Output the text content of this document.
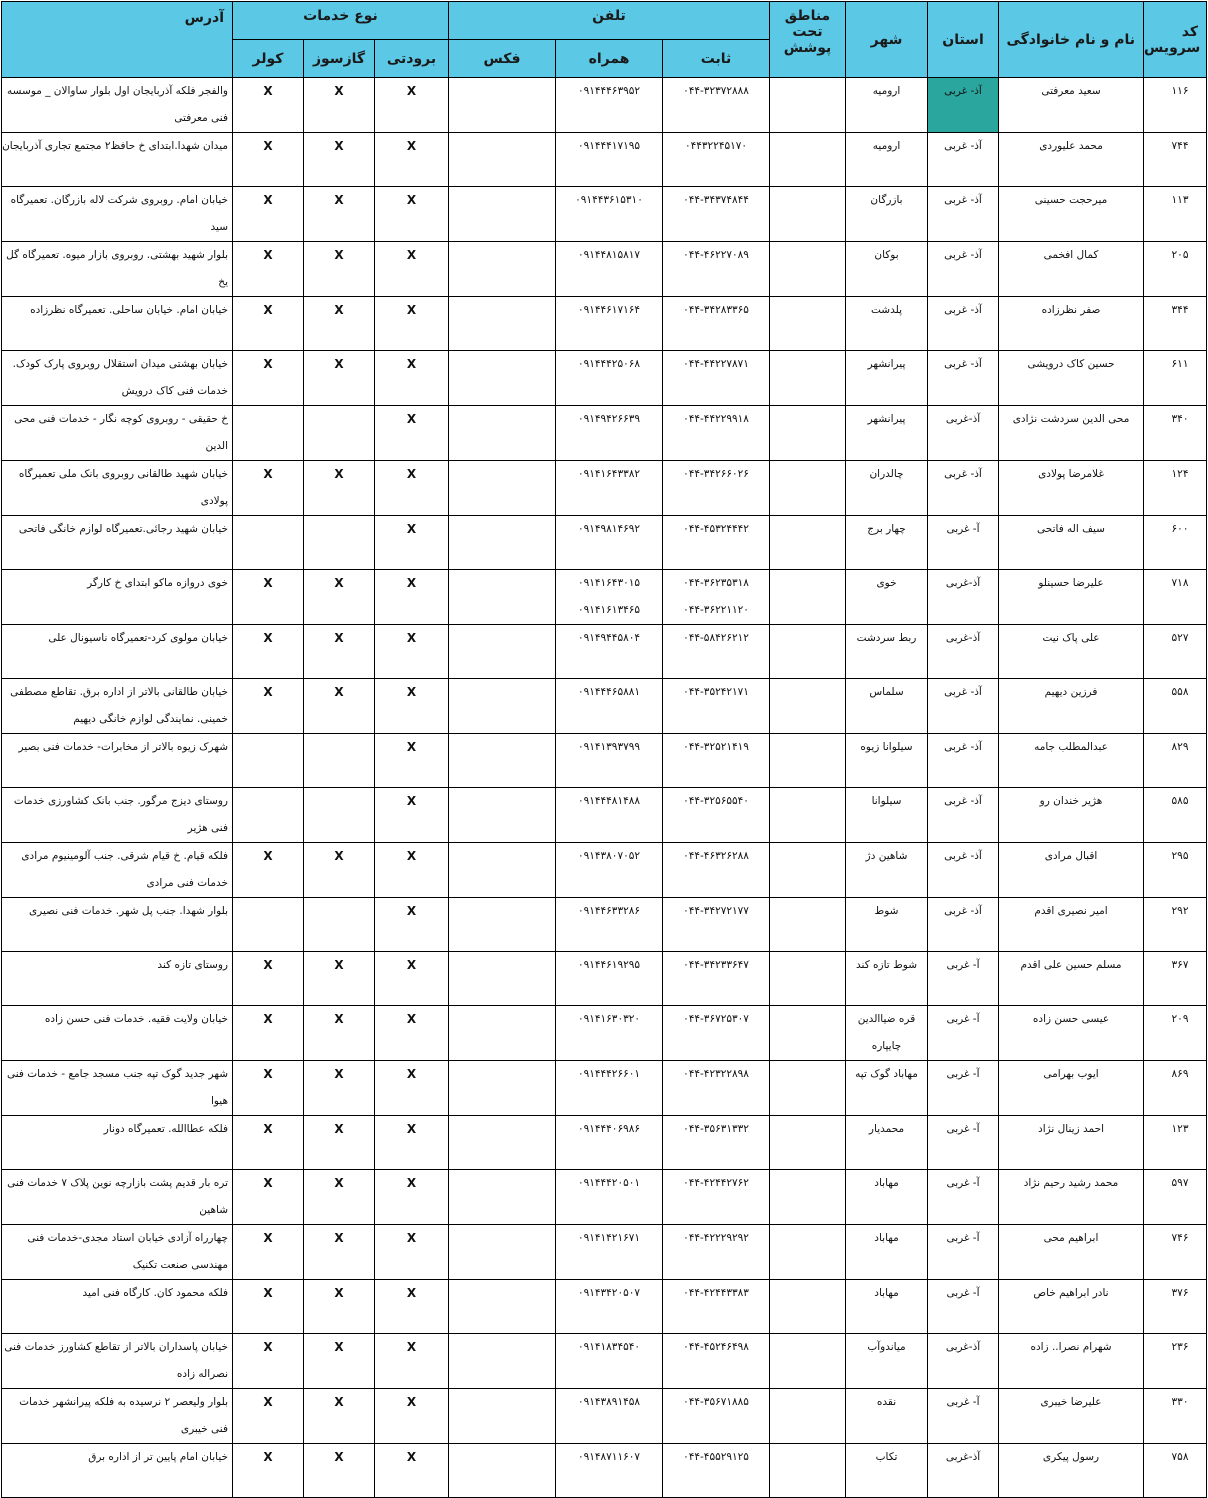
آدرس	نوع خدمات			تلفن			مناطق تحت پوشش	شهر	استان	نام و نام خانوادگی	کد سرویس
	کولر	گازسوز	برودتی	فکس	همراه	ثابت					
والفجر فلکه آذربایجان اول بلوار ساوالان _ موسسه فنی معرفتی	X	X	X		۰۹۱۴۴۴۶۳۹۵۲	۰۴۴-۳۲۳۷۲۸۸۸		ارومیه	آذ- غربی	سعید معرفتی	۱۱۶
میدان شهدا.ابتدای خ حافظ۲ مجتمع تجاری آذربایجان	X	X	X		۰۹۱۴۴۴۱۷۱۹۵	۰۴۴۳۲۲۴۵۱۷۰		ارومیه	آذ- غربی	محمد علیوردی	۷۴۴
خیابان امام. روبروی شرکت لاله بازرگان. تعمیرگاه سید	X	X	X		۰۹۱۴۴۳۶۱۵۳۱۰	۰۴۴-۳۴۳۷۴۸۴۴		بازرگان	آذ- غربی	میرحجت حسینی	۱۱۳
بلوار شهید بهشتی. روبروی بازار میوه. تعمیرگاه گل یخ	X	X	X		۰۹۱۴۴۸۱۵۸۱۷	۰۴۴-۴۶۲۲۷۰۸۹		بوکان	آذ- غربی	کمال افخمی	۲۰۵
خیابان امام. خیابان ساحلی. تعمیرگاه نظرزاده	X	X	X		۰۹۱۴۴۶۱۷۱۶۴	۰۴۴-۳۴۲۸۳۳۶۵		پلدشت	آذ- غربی	صفر نظرزاده	۳۴۴
خیابان بهشتی میدان استقلال روبروی پارک کودک. خدمات فنی کاک درویش	X	X	X		۰۹۱۴۴۴۲۵۰۶۸	۰۴۴-۴۴۲۲۷۸۷۱		پیرانشهر	آذ- غربی	حسین کاک درویشی	۶۱۱
خ حقیقی - روبروی کوچه نگار - خدمات فنی محی الدین			X		۰۹۱۴۹۴۲۶۶۳۹	۰۴۴-۴۴۲۲۹۹۱۸		پیرانشهر	آذ-غربی	محی الدین سردشت نژادی	۳۴۰
خیابان شهید طالقانی روبروی بانک ملی تعمیرگاه پولادی	X	X	X		۰۹۱۴۱۶۴۳۳۸۲	۰۴۴-۳۴۲۶۶۰۲۶		چالدران	آذ- غربی	غلامرضا پولادی	۱۲۴
خیابان شهید رجائی.تعمیرگاه لوازم خانگی فاتحی			X		۰۹۱۴۹۸۱۴۶۹۲	۰۴۴-۴۵۳۲۴۴۴۲		چهار برج	آ- غربی	سیف اله فاتحی	۶۰۰
خوی دروازه ماکو ابتدای خ کارگر	X	X	X		۰۹۱۴۱۶۴۳۰۱۵
۰۹۱۴۱۶۱۳۴۶۵	۰۴۴-۳۶۲۳۵۳۱۸
۰۴۴-۳۶۲۲۱۱۲۰		خوی	آذ-غربی	علیرضا حسینلو	۷۱۸
خیابان مولوی کرد-تعمیرگاه ناسیونال علی	X	X	X		۰۹۱۴۹۴۴۵۸۰۴	۰۴۴-۵۸۴۲۶۲۱۲		ربط سردشت	آذ-غربی	علی پاک نیت	۵۲۷
خیابان طالقانی بالاتر از اداره برق. تقاطع مصطفی خمینی. نمایندگی لوازم خانگی دیهیم	X	X	X		۰۹۱۴۴۴۶۵۸۸۱	۰۴۴-۳۵۲۴۲۱۷۱		سلماس	آذ- غربی	فرزین دیهیم	۵۵۸
شهرک زیوه بالاتر از مخابرات- خدمات فنی بصیر			X		۰۹۱۴۱۳۹۳۷۹۹	۰۴۴-۳۲۵۲۱۴۱۹		سیلوانا زیوه	آذ- غربی	عبدالمطلب جامه	۸۲۹
روستای دیزج مرگور. جنب بانک کشاورزی خدمات فنی هژیر			X		۰۹۱۴۴۴۸۱۴۸۸	۰۴۴-۳۲۵۶۵۵۴۰		سیلوانا	آذ- غربی	هژیر خندان رو	۵۸۵
فلکه قیام. خ قیام شرقی. جنب آلومینیوم مرادی خدمات فنی مرادی	X	X	X		۰۹۱۴۳۸۰۷۰۵۲	۰۴۴-۴۶۳۲۶۲۸۸		شاهین دژ	آذ- غربی	اقبال مرادی	۲۹۵
بلوار شهدا. جنب پل شهر. خدمات فنی نصیری			X		۰۹۱۴۴۶۳۳۲۸۶	۰۴۴-۳۴۲۷۲۱۷۷		شوط	آذ- غربی	امیر نصیری اقدم	۲۹۲
روستای تازه کند	X	X	X		۰۹۱۴۴۶۱۹۲۹۵	۰۴۴-۳۴۲۳۳۶۴۷		شوط تازه کند	آ- غربی	مسلم حسین علی اقدم	۳۶۷
خیابان ولایت فقیه. خدمات فنی حسن زاده	X	X	X		۰۹۱۴۱۶۳۰۳۲۰	۰۴۴-۳۶۷۲۵۳۰۷		قره ضیاالدین چایپاره	آ- غربی	عیسی حسن زاده	۲۰۹
شهر جدید گوک تپه جنب مسجد جامع - خدمات فنی هیوا	X	X	X		۰۹۱۴۴۴۲۶۶۰۱	۰۴۴-۴۲۳۲۲۸۹۸		مهاباد گوک تپه	آ- غربی	ایوب بهرامی	۸۶۹
فلکه عطاالله. تعمیرگاه دونار	X	X	X		۰۹۱۴۴۴۰۶۹۸۶	۰۴۴-۳۵۶۳۱۳۳۲		محمدیار	آ- غربی	احمد زینال نژاد	۱۲۳
تره بار قدیم پشت بازارچه نوین پلاک ۷ خدمات فنی شاهین	X	X	X		۰۹۱۴۴۴۲۰۵۰۱	۰۴۴-۴۲۴۴۲۷۶۲		مهاباد	آ- غربی	محمد رشید رحیم نژاد	۵۹۷
چهارراه آزادی خیابان استاد مجدی-خدمات فنی مهندسی صنعت تکنیک	X	X	X		۰۹۱۴۱۴۲۱۶۷۱	۰۴۴-۴۲۲۲۹۲۹۲		مهاباد	آ- غربی	ابراهیم محی	۷۴۶
فلکه محمود کان. کارگاه فنی امید	X	X	X		۰۹۱۴۳۴۲۰۵۰۷	۰۴۴-۴۲۴۴۳۳۸۳		مهاباد	آ- غربی	نادر ابراهیم خاص	۳۷۶
خیابان پاسداران بالاتر از تقاطع کشاورز خدمات فنی نصراله زاده	X	X	X		۰۹۱۴۱۸۳۴۵۴۰	۰۴۴-۴۵۲۴۶۴۹۸		میاندوآب	آذ-غربی	شهرام نصرا.. زاده	۲۳۶
بلوار ولیعصر ۲ نرسیده به فلکه پیرانشهر خدمات فنی خیبری	X	X	X		۰۹۱۴۳۸۹۱۴۵۸	۰۴۴-۳۵۶۷۱۸۸۵		نقده	آ- غربی	علیرضا خیبری	۳۳۰
خیابان امام پایین تر از اداره برق	X	X	X		۰۹۱۴۸۷۱۱۶۰۷	۰۴۴-۴۵۵۲۹۱۲۵		تکاب	آذ-غربی	رسول پیکری	۷۵۸
